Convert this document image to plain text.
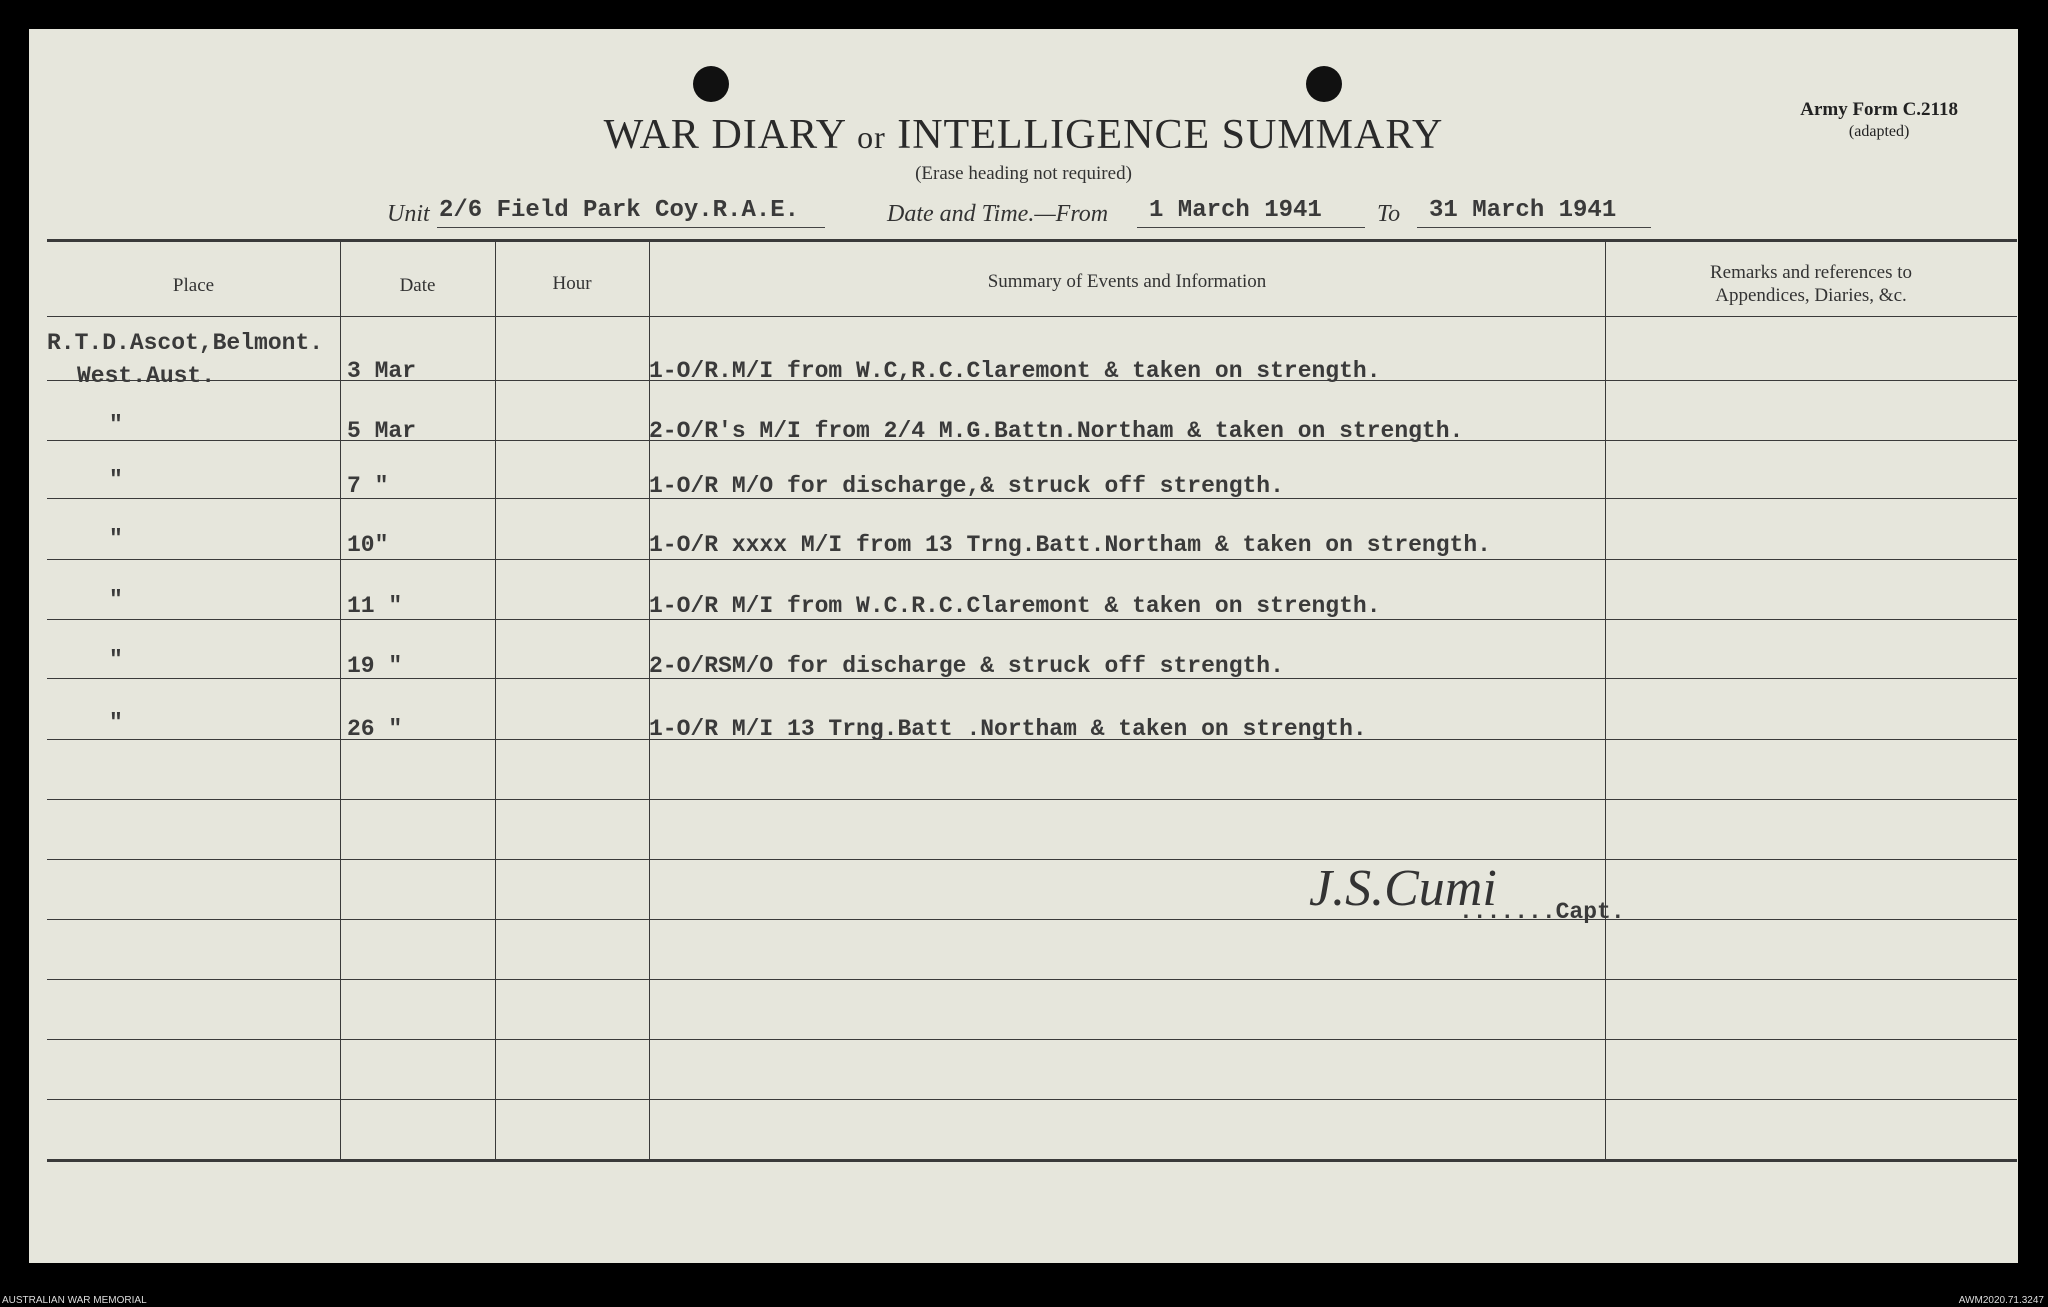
Army Form C.2118
(adapted)
WAR DIARY or INTELLIGENCE SUMMARY
(Erase heading not required)
Unit 2/6 Field Park Coy.R.A.E.	Date and Time.—From 1 March 1941 To 31 March 1941
Place	Date	Hour	Summary of Events and Information	Remarks and references to
Appendices, Diaries, &c.
R.T.D.Ascot,Belmont.
West.Aust.	3 Mar	1-O/R.M/I from W.C,R.C.Claremont & taken on strength.
"	5 Mar	2-O/R's M/I from 2/4 M.G.Battn.Northam & taken on strength.
"	7 "	1-O/R M/O for discharge,& struck off strength.
"	10"	1-O/R xxxx M/I from 13 Trng.Batt.Northam & taken on strength.
"	11 "	1-O/R M/I from W.C.R.C.Claremont & taken on strength.
"	19 "	2-O/RSM/O for discharge & struck off strength.
"	26 "	1-O/R M/I 13 Trng.Batt .Northam & taken on strength.
J.S.Cumi
.......Capt.
AUSTRALIAN WAR MEMORIAL	AWM2020.71.3247
